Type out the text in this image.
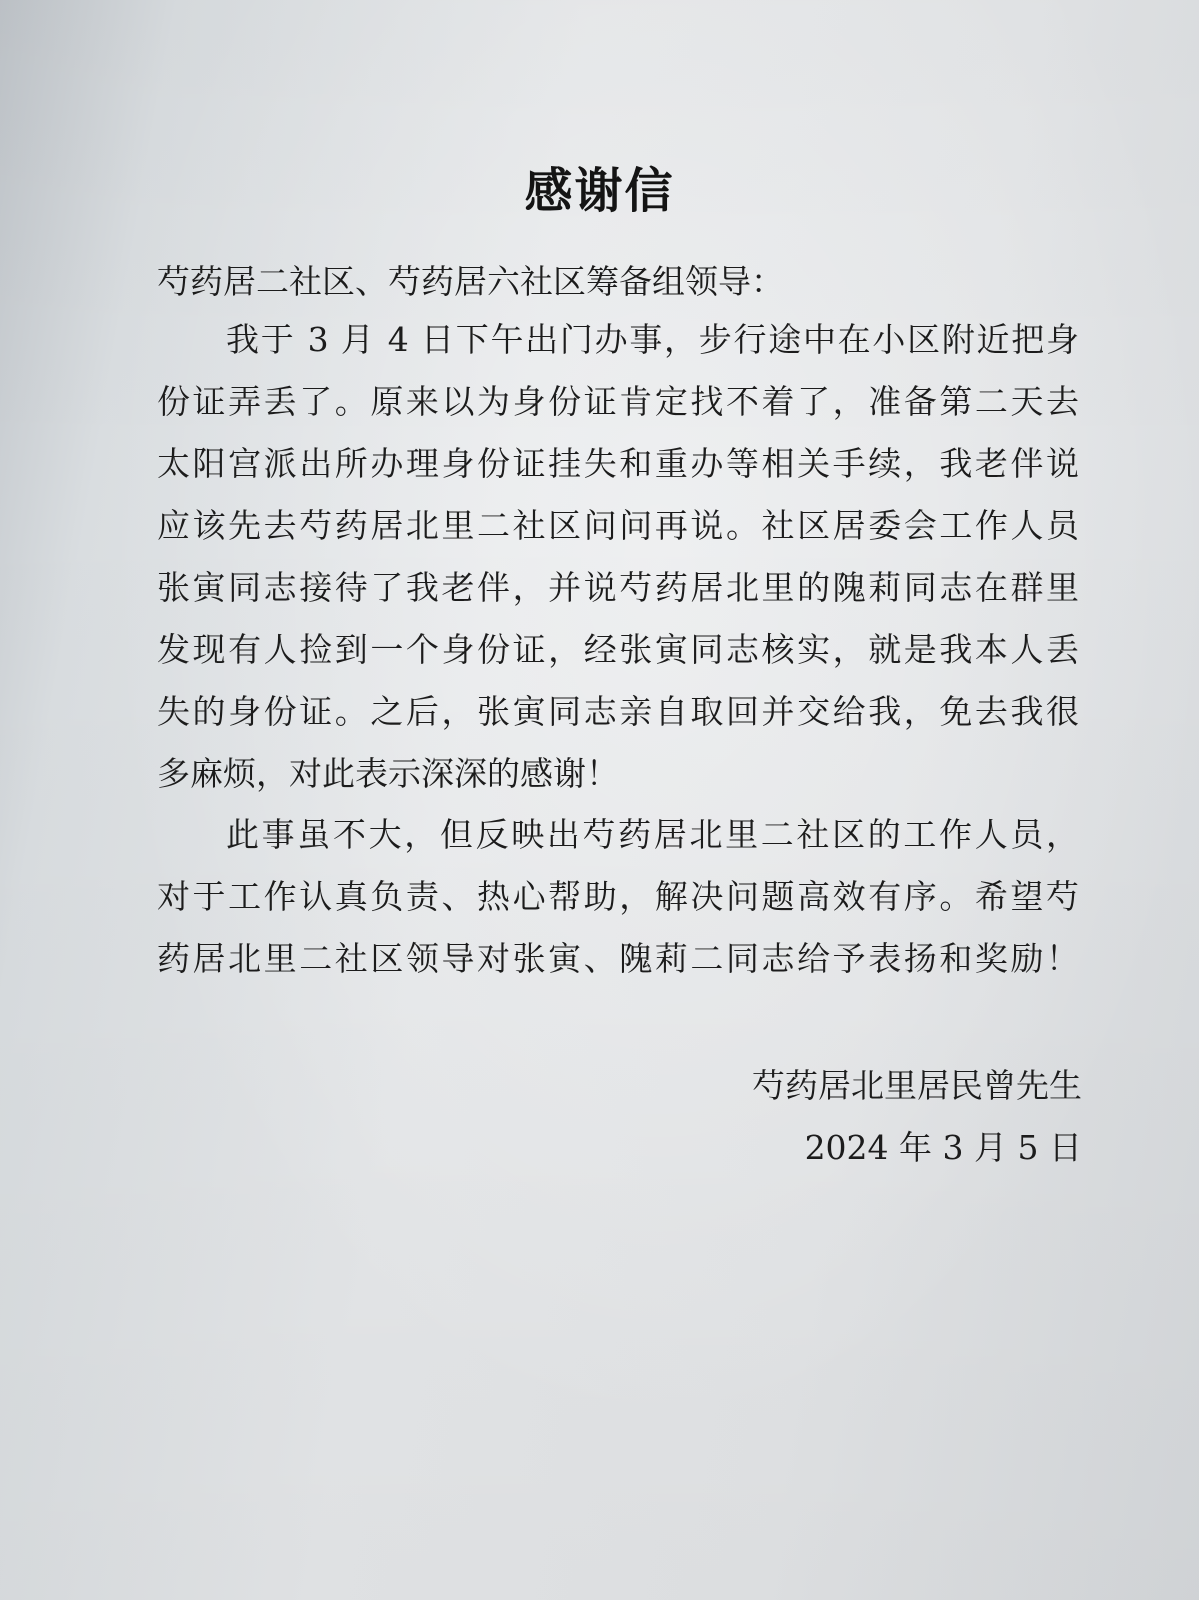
感谢信
芍药居二社区、芍药居六社区筹备组领导：
我于 3 月 4 日下午出门办事，步行途中在小区附近把身
份证弄丢了。原来以为身份证肯定找不着了，准备第二天去
太阳宫派出所办理身份证挂失和重办等相关手续，我老伴说
应该先去芍药居北里二社区问问再说。社区居委会工作人员
张寅同志接待了我老伴，并说芍药居北里的隗莉同志在群里
发现有人捡到一个身份证，经张寅同志核实，就是我本人丢
失的身份证。之后，张寅同志亲自取回并交给我，免去我很
多麻烦，对此表示深深的感谢！
此事虽不大，但反映出芍药居北里二社区的工作人员，
对于工作认真负责、热心帮助，解决问题高效有序。希望芍
药居北里二社区领导对张寅、隗莉二同志给予表扬和奖励！
芍药居北里居民曾先生
2024 年 3 月 5 日
